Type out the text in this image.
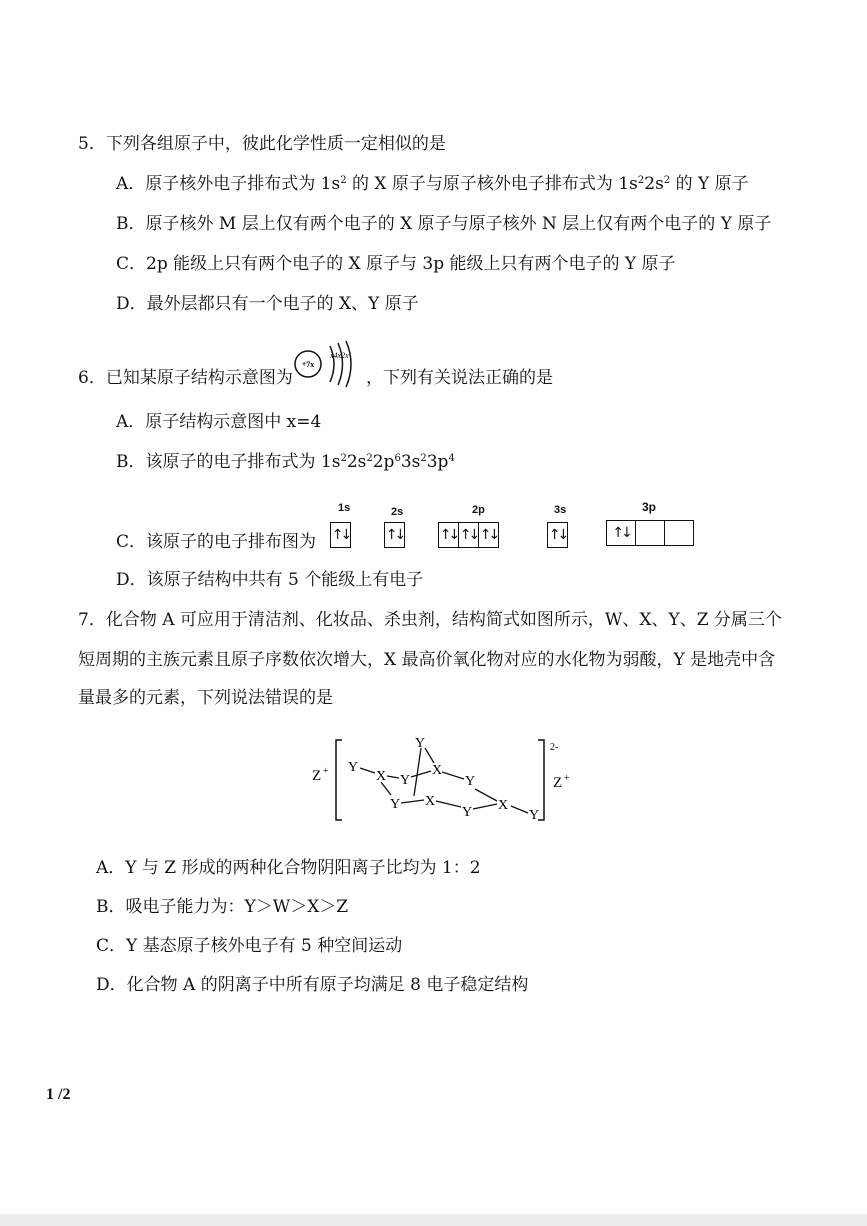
5．下列各组原子中，彼此化学性质一定相似的是
A．原子核外电子排布式为 $1s^2$ 的 X 原子与原子核外电子排布式为 $1s^22s^2$ 的 Y 原子
B．原子核外 M 层上仅有两个电子的 X 原子与原子核外 N 层上仅有两个电子的 Y 原子
C．2p 能级上只有两个电子的 X 原子与 3p 能级上只有两个电子的 Y 原子
D．最外层都只有一个电子的 X、Y 原子
6．已知某原子结构示意图为
+7x
x4x2x
，下列有关说法正确的是
A．原子结构示意图中 x=4
B．该原子的电子排布式为 $1s^22s^22p^63s^23p^4$
C．该原子的电子排布图为
1s
↑↓
2s
↑↓
2p
↑↓ ↑↓ ↑↓
3s
↑↓
3p
↑↓
D．该原子结构中共有 5 个能级上有电子
7．化合物 A 可应用于清洁剂、化妆品、杀虫剂，结构简式如图所示，W、X、Y、Z 分属三个
短周期的主族元素且原子序数依次增大，X 最高价氧化物对应的水化物为弱酸，Y 是地壳中含
量最多的元素，下列说法错误的是
Z +
Z +
2-
Y
X Y
X
Y
Y
X
Y
Y X
Y
A．Y 与 Z 形成的两种化合物阴阳离子比均为 1：2
B．吸电子能力为：Y＞W＞X＞Z
C．Y 基态原子核外电子有 5 种空间运动
D．化合物 A 的阴离子中所有原子均满足 8 电子稳定结构
1 /2
